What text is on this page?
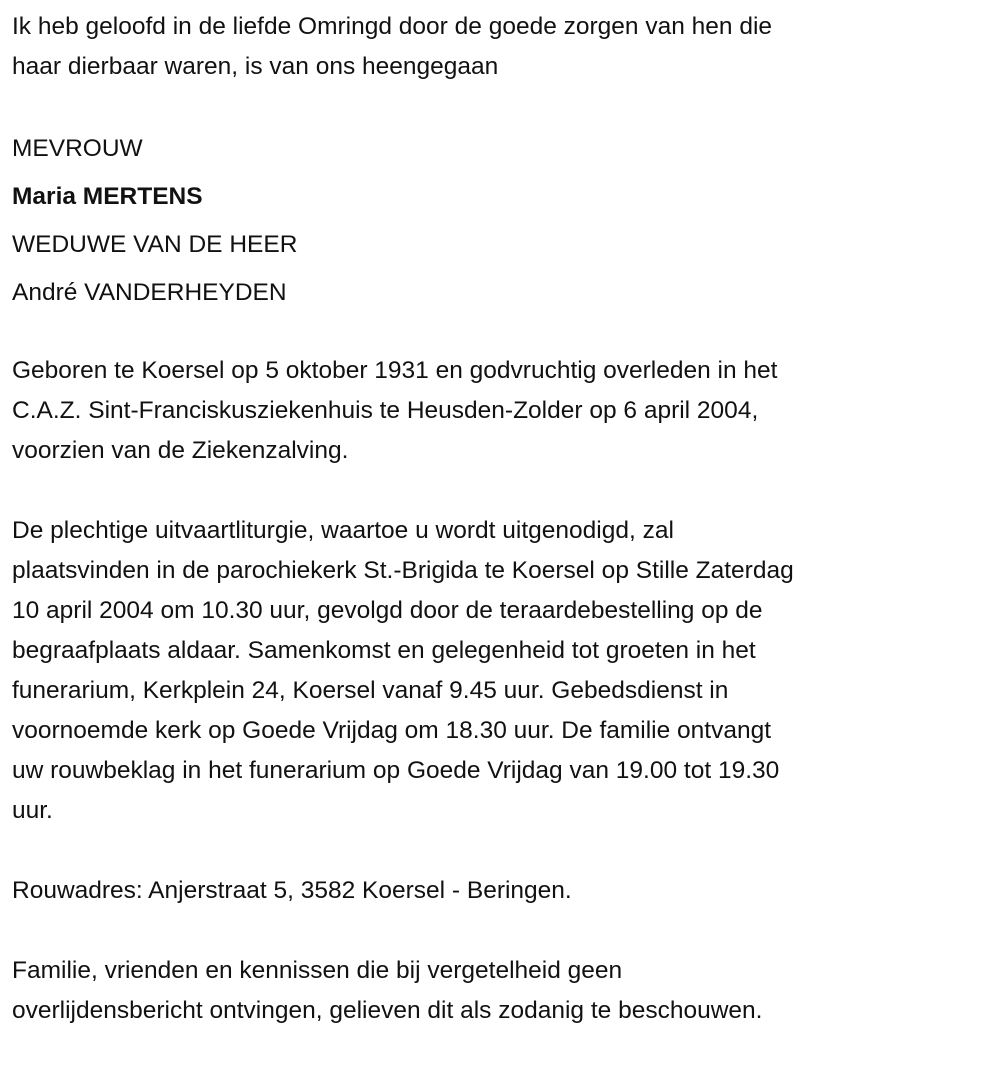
Ik heb geloofd in de liefde Omringd door de goede zorgen van hen die
haar dierbaar waren, is van ons heengegaan
MEVROUW
Maria MERTENS
WEDUWE VAN DE HEER
André VANDERHEYDEN
Geboren te Koersel op 5 oktober 1931 en godvruchtig overleden in het
C.A.Z. Sint-Franciskusziekenhuis te Heusden-Zolder op 6 april 2004,
voorzien van de Ziekenzalving.
De plechtige uitvaartliturgie, waartoe u wordt uitgenodigd, zal
plaatsvinden in de parochiekerk St.-Brigida te Koersel op Stille Zaterdag
10 april 2004 om 10.30 uur, gevolgd door de teraardebestelling op de
begraafplaats aldaar. Samenkomst en gelegenheid tot groeten in het
funerarium, Kerkplein 24, Koersel vanaf 9.45 uur. Gebedsdienst in
voornoemde kerk op Goede Vrijdag om 18.30 uur. De familie ontvangt
uw rouwbeklag in het funerarium op Goede Vrijdag van 19.00 tot 19.30
uur.
Rouwadres: Anjerstraat 5, 3582 Koersel - Beringen.
Familie, vrienden en kennissen die bij vergetelheid geen
overlijdensbericht ontvingen, gelieven dit als zodanig te beschouwen.
